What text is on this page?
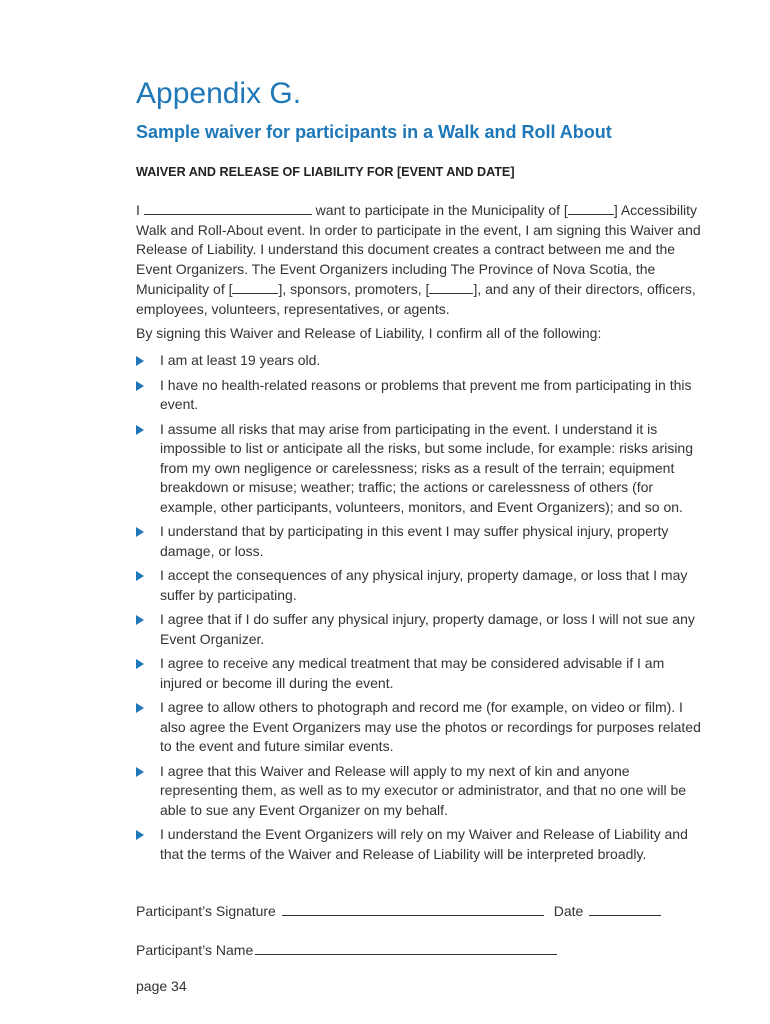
Appendix G.
Sample waiver for participants in a Walk and Roll About
WAIVER AND RELEASE OF LIABILITY FOR [EVENT AND DATE]

I	want to participate in the Municipality of [	] Accessibility Walk and Roll-About event. In order to participate in the event, I am signing this Waiver and Release of Liability. I understand this document creates a contract between me and the Event Organizers. The Event Organizers including The Province of Nova Scotia, the Municipality of [	], sponsors, promoters, [	], and any of their directors, officers, employees, volunteers, representatives, or agents.

By signing this Waiver and Release of Liability, I confirm all of the following:

I am at least 19 years old.
I have no health-related reasons or problems that prevent me from participating in this event.
I assume all risks that may arise from participating in the event. I understand it is impossible to list or anticipate all the risks, but some include, for example: risks arising from my own negligence or carelessness; risks as a result of the terrain; equipment breakdown or misuse; weather; traffic; the actions or carelessness of others (for example, other participants, volunteers, monitors, and Event Organizers); and so on.
I understand that by participating in this event I may suffer physical injury, property damage, or loss.
I accept the consequences of any physical injury, property damage, or loss that I may suffer by participating.
I agree that if I do suffer any physical injury, property damage, or loss I will not sue any Event Organizer.
I agree to receive any medical treatment that may be considered advisable if I am injured or become ill during the event.
I agree to allow others to photograph and record me (for example, on video or film). I also agree the Event Organizers may use the photos or recordings for purposes related to the event and future similar events.
I agree that this Waiver and Release will apply to my next of kin and anyone representing them, as well as to my executor or administrator, and that no one will be able to sue any Event Organizer on my behalf.
I understand the Event Organizers will rely on my Waiver and Release of Liability and that the terms of the Waiver and Release of Liability will be interpreted broadly.
Participant’s Signature	Date
Participant’s Name
page 34
